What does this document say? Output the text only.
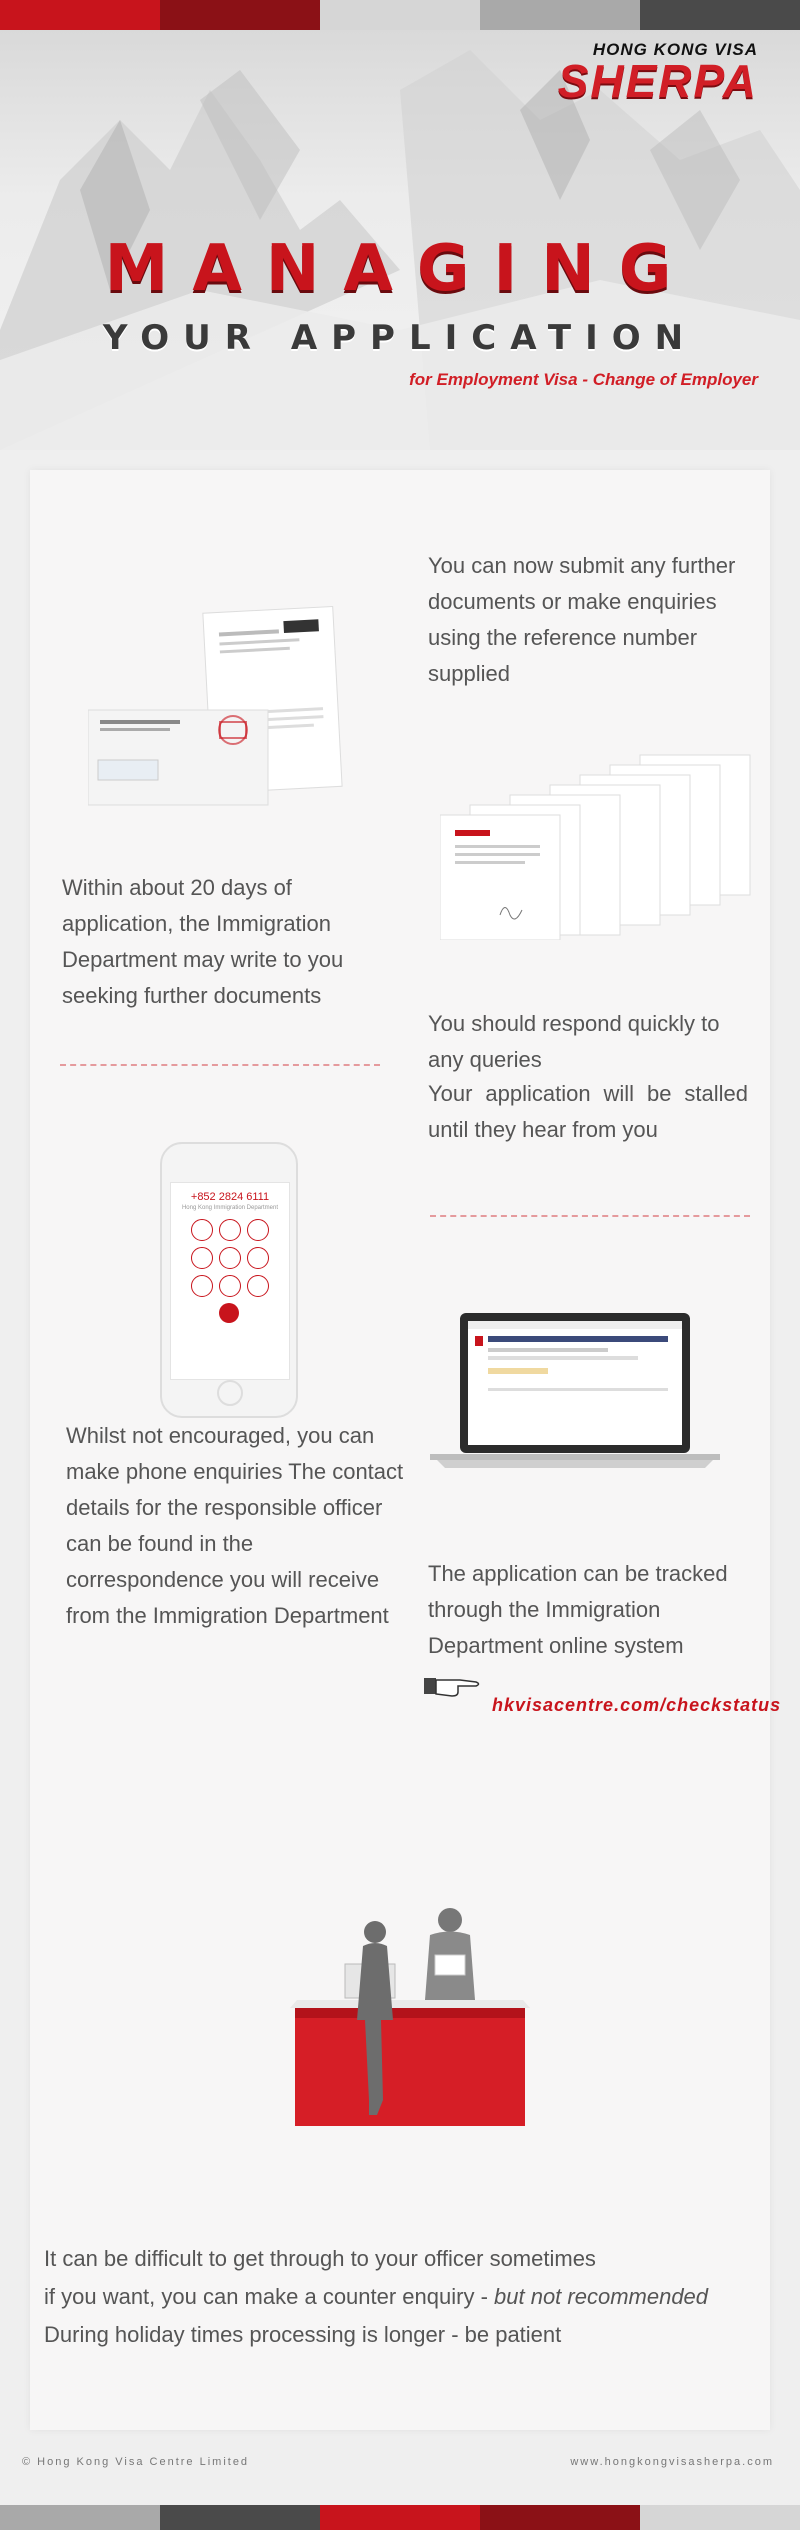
HONG KONG VISA
SHERPA
MANAGING
YOUR APPLICATION
for Employment Visa - Change of Employer
You can now submit any further documents or make enquiries using the reference number supplied
Within about 20 days of application, the Immigration Department may write to you seeking further documents
You should respond quickly to any queries
Your application will be stalled until they hear from you
+852 2824 6111
Hong Kong Immigration Department
Whilst not encouraged, you can make phone enquiries The contact details for the responsible officer can be found in the correspondence you will receive from the Immigration Department
The application can be tracked through the Immigration Department online system
hkvisacentre.com/checkstatus
It can be difficult to get through to your officer sometimes
if you want, you can make a counter enquiry - but not recommended
During holiday times processing is longer - be patient
© Hong Kong Visa Centre Limited	www.hongkongvisasherpa.com
